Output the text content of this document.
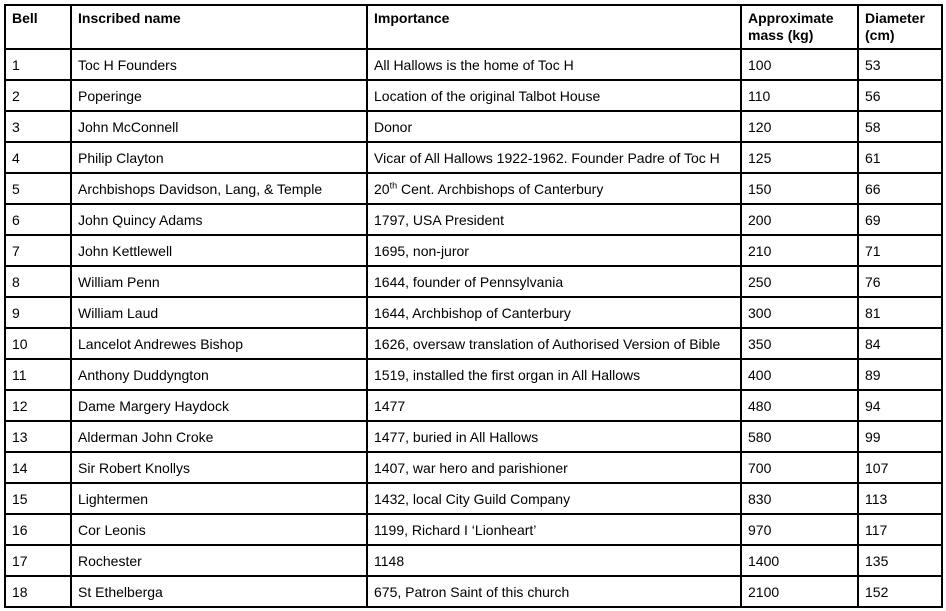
Bell	Inscribed name	Importance	Approximate mass (kg)	Diameter (cm)
1	Toc H Founders	All Hallows is the home of Toc H	100	53
2	Poperinge	Location of the original Talbot House	110	56
3	John McConnell	Donor	120	58
4	Philip Clayton	Vicar of All Hallows 1922-1962. Founder Padre of Toc H	125	61
5	Archbishops Davidson, Lang, & Temple	20th Cent. Archbishops of Canterbury	150	66
6	John Quincy Adams	1797, USA President	200	69
7	John Kettlewell	1695, non-juror	210	71
8	William Penn	1644, founder of Pennsylvania	250	76
9	William Laud	1644, Archbishop of Canterbury	300	81
10	Lancelot Andrewes Bishop	1626, oversaw translation of Authorised Version of Bible	350	84
11	Anthony Duddyngton	1519, installed the first organ in All Hallows	400	89
12	Dame Margery Haydock	1477	480	94
13	Alderman John Croke	1477, buried in All Hallows	580	99
14	Sir Robert Knollys	1407, war hero and parishioner	700	107
15	Lightermen	1432, local City Guild Company	830	113
16	Cor Leonis	1199, Richard I ‘Lionheart’	970	117
17	Rochester	1148	1400	135
18	St Ethelberga	675, Patron Saint of this church	2100	152
